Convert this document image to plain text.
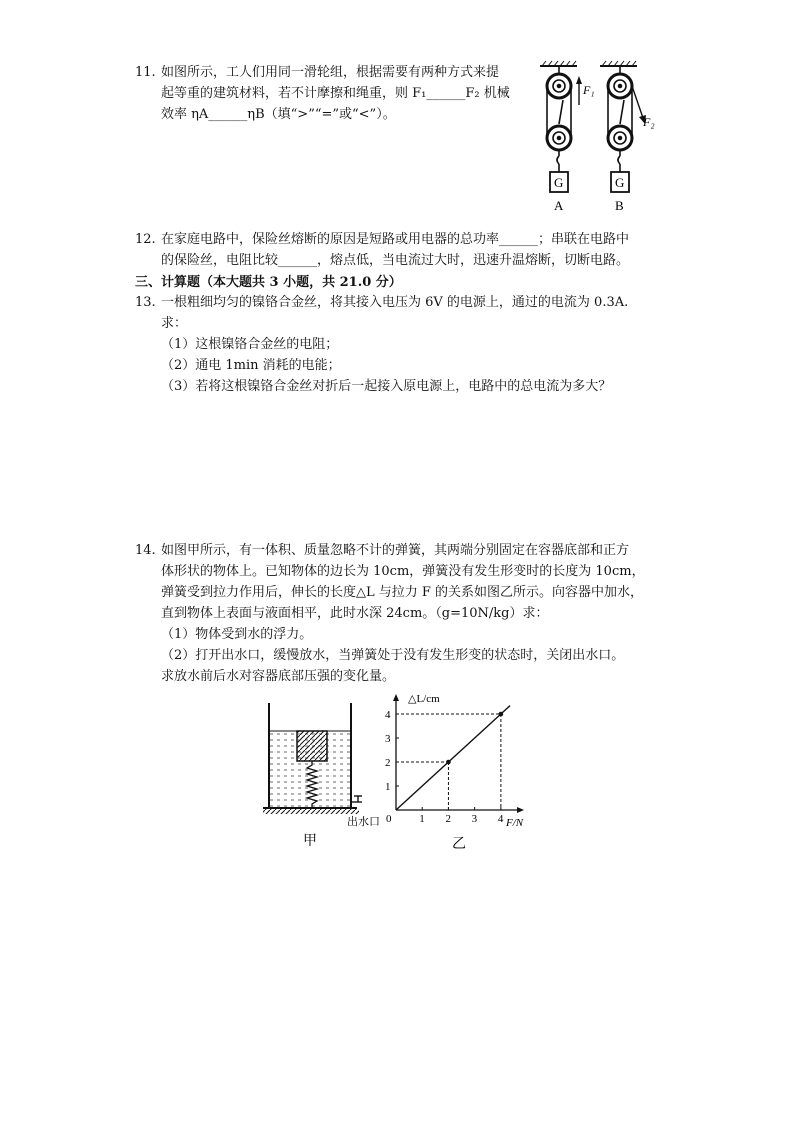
11. 如图所示，工人们用同一滑轮组，根据需要有两种方式来提
起等重的建筑材料，若不计摩擦和绳重，则 F₁______F₂ 机械
效率 ηA______ηB（填“>”“=”或“<”）。
F₁
F₂
G	G
A	B
12. 在家庭电路中，保险丝熔断的原因是短路或用电器的总功率______；串联在电路中
的保险丝，电阻比较______，熔点低，当电流过大时，迅速升温熔断，切断电路。
三、计算题（本大题共 3 小题，共 21.0 分）
13. 一根粗细均匀的镍铬合金丝，将其接入电压为 6V 的电源上，通过的电流为 0.3A.
求：
（1）这根镍铬合金丝的电阻；
（2）通电 1min 消耗的电能；
（3）若将这根镍铬合金丝对折后一起接入原电源上，电路中的总电流为多大？
14. 如图甲所示，有一体积、质量忽略不计的弹簧，其两端分别固定在容器底部和正方
体形状的物体上。已知物体的边长为 10cm，弹簧没有发生形变时的长度为 10cm，
弹簧受到拉力作用后，伸长的长度△L 与拉力 F 的关系如图乙所示。向容器中加水，
直到物体上表面与液面相平，此时水深 24cm。（g=10N/kg）求：
（1）物体受到水的浮力。
（2）打开出水口，缓慢放水，当弹簧处于没有发生形变的状态时，关闭出水口。
求放水前后水对容器底部压强的变化量。
出水口
甲
0	1 2 3 4
1
2
3
4
△L/cm
F/N
乙
